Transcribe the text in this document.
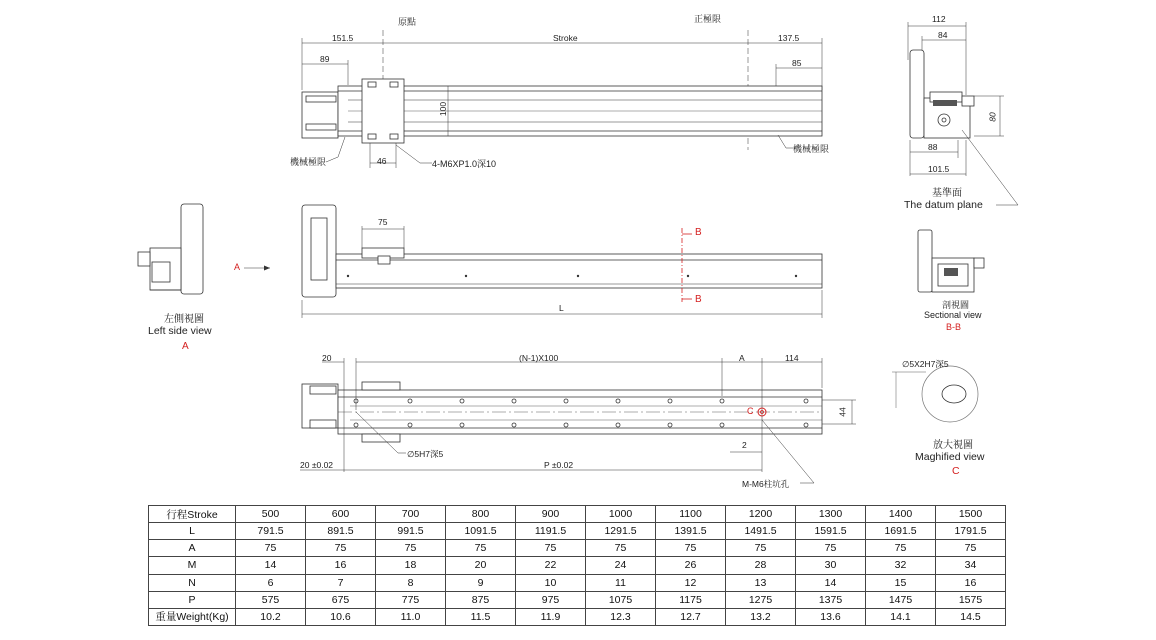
151.5	Stroke	137.5
89	85
100
46
原點	正極限
機械極限
機械極限
4-M6XP1.0深10
112
84
80
88
101.5
基準面
The datum plane
75
L
B
B
A
左側視圖
Left side view
A
剖視圖
Sectional view
B-B
20	(N-1)X100	A	114
44
2
∅5H7深5
20 ±0.02	P ±0.02
M-M6柱坑孔
C
∅5X2H7深5
放大視圖
Maghified view
C
行程Stroke	500	600	700	800	900	1000	1100	1200	1300	1400	1500
L	791.5	891.5	991.5	1091.5	1191.5	1291.5	1391.5	1491.5	1591.5	1691.5	1791.5
A	75	75	75	75	75	75	75	75	75	75	75
M	14	16	18	20	22	24	26	28	30	32	34
N	6	7	8	9	10	11	12	13	14	15	16
P	575	675	775	875	975	1075	1175	1275	1375	1475	1575
重量Weight(Kg)	10.2	10.6	11.0	11.5	11.9	12.3	12.7	13.2	13.6	14.1	14.5
